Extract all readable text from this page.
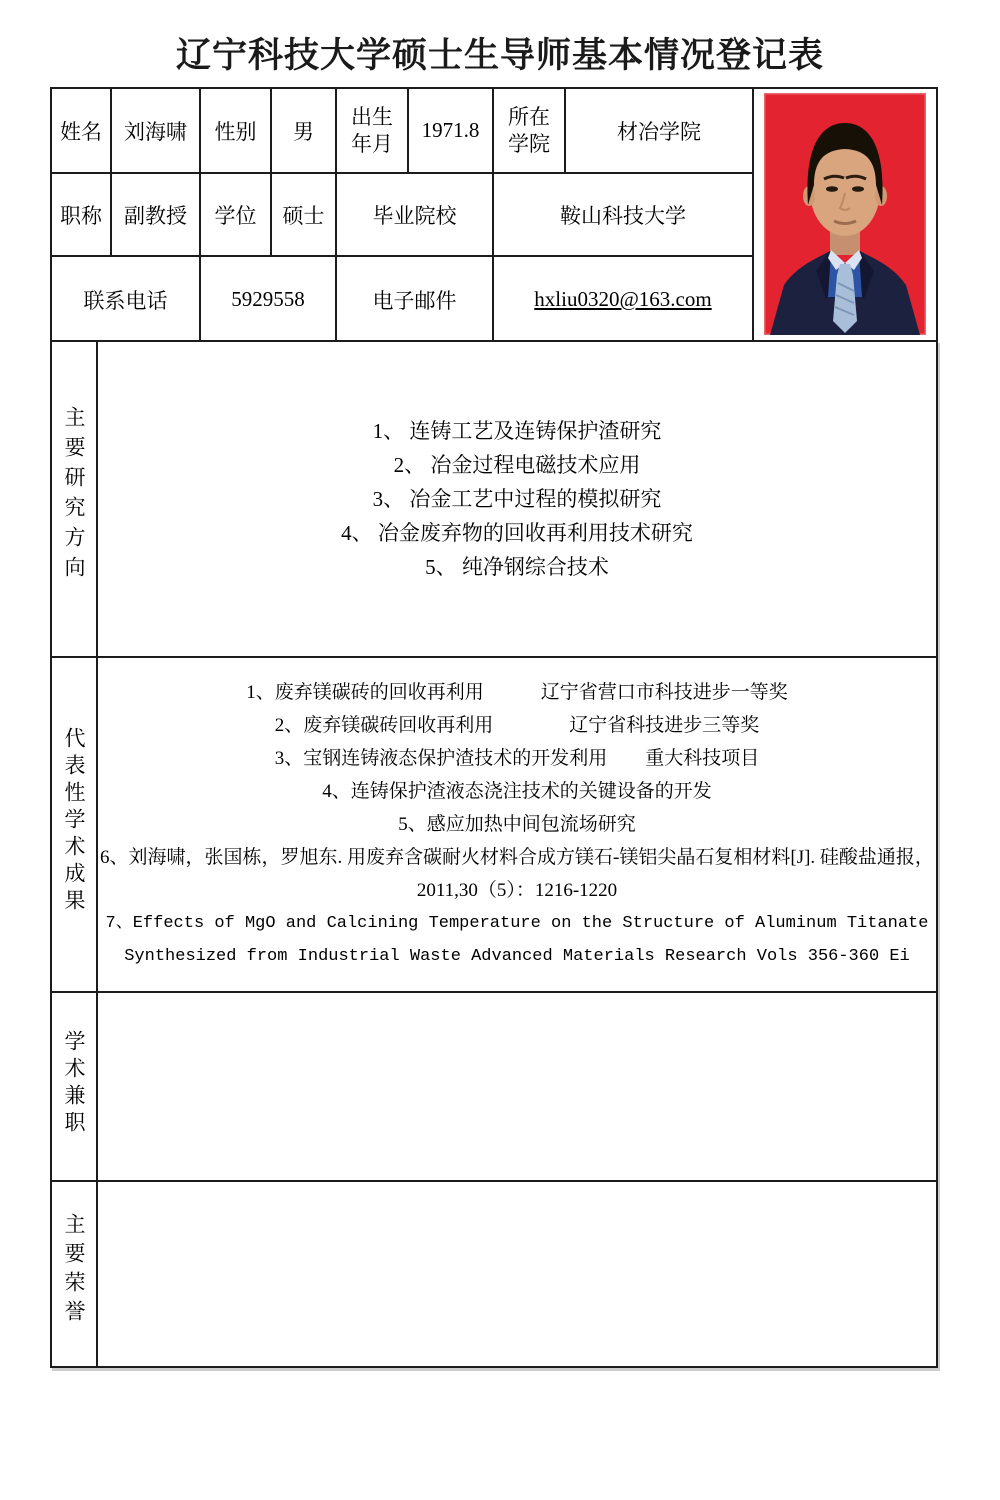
辽宁科技大学硕士生导师基本情况登记表
姓名	刘海啸	性别	男	出生年月	1971.8	所在学院	材冶学院	
职称	副教授	学位	硕士	毕业院校		鞍山科技大学		
联系电话		5929558		电子邮件		hxliu0320@163.com		
主要研究方向	1、 连铸工艺及连铸保护渣研究

2、 冶金过程电磁技术应用

3、 冶金工艺中过程的模拟研究

4、 冶金废弃物的回收再利用技术研究

5、 纯净钢综合技术

代表性学术成果	

1、废弃镁碳砖的回收再利用　　　辽宁省营口市科技进步一等奖

2、废弃镁碳砖回收再利用　　　　辽宁省科技进步三等奖

3、宝钢连铸液态保护渣技术的开发利用　　重大科技项目

4、连铸保护渣液态浇注技术的关键设备的开发

5、感应加热中间包流场研究

6、刘海啸，张国栋，罗旭东. 用废弃含碳耐火材料合成方镁石-镁铝尖晶石复相材料[J]. 硅酸盐通报，2011,30（5）：1216-1220

7、Effects of MgO and Calcining Temperature on the Structure of Aluminum Titanate Synthesized from Industrial Waste Advanced Materials Research Vols 356-360 Ei

学术兼职	
主要荣誉	
